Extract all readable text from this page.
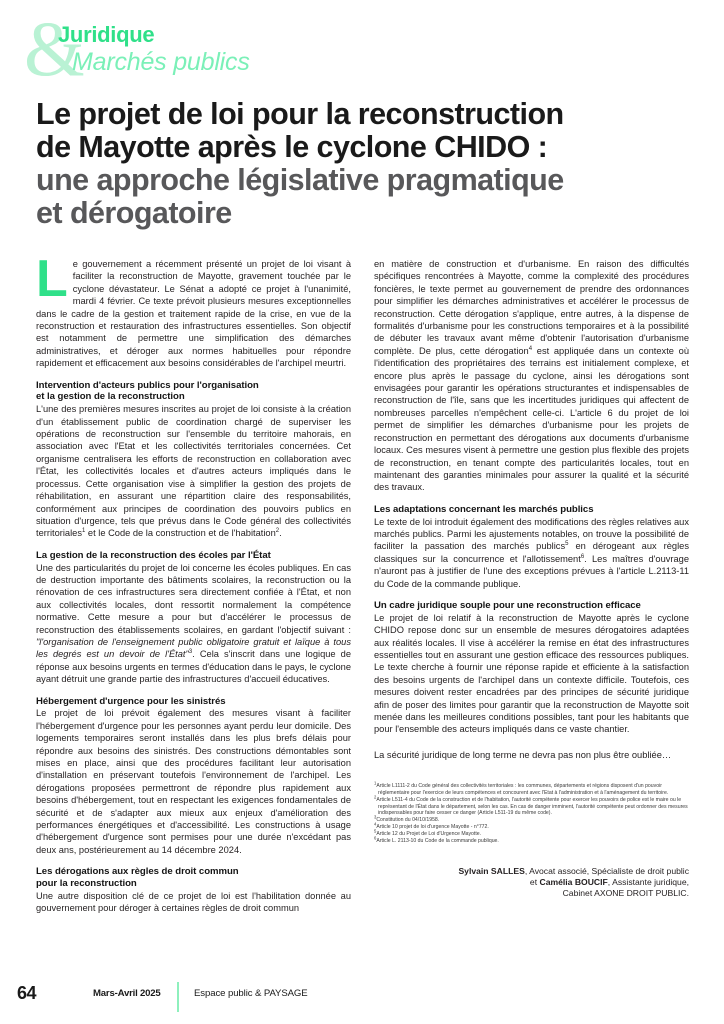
&
Juridique
Marchés publics
Le projet de loi pour la reconstruction
de Mayotte après le cyclone CHIDO :
une approche législative pragmatique
et dérogatoire

Le gouvernement a récemment présenté un projet de loi visant à faciliter la reconstruction de Mayotte, gravement touchée par le cyclone dévastateur. Le Sénat a adopté ce projet à l'unanimité, mardi 4 février. Ce texte prévoit plusieurs mesures exceptionnelles dans le cadre de la gestion et traitement rapide de la crise, en vue de la reconstruction et restauration des infrastructures essentielles. Son objectif est notamment de permettre une simplification des démarches administratives, et déroger aux normes habituelles pour répondre rapidement et efficacement aux besoins considérables de l'archipel meurtri.

Intervention d'acteurs publics pour l'organisation
et la gestion de la reconstruction

L'une des premières mesures inscrites au projet de loi consiste à la création d'un établissement public de coordination chargé de superviser les opérations de reconstruction sur l'ensemble du territoire mahorais, en association avec l'Etat et les collectivités territoriales concernées. Cet organisme centralisera les efforts de reconstruction en collaboration avec l'État, les collectivités locales et d'autres acteurs impliqués dans le processus. Cette organisation vise à simplifier la gestion des projets de réhabilitation, en assurant une répartition claire des responsabilités, conformément aux principes de coordination des pouvoirs publics en situation d'urgence, tels que prévus dans le Code général des collectivités territoriales$^1$ et le Code de la construction et de l'habitation$^2$.

La gestion de la reconstruction des écoles par l'État

Une des particularités du projet de loi concerne les écoles publiques. En cas de destruction importante des bâtiments scolaires, la reconstruction ou la rénovation de ces infrastructures sera directement confiée à l'État, et non aux collectivités locales, dont ressortit normalement la compétence normative. Cette mesure a pour but d'accélérer le processus de reconstruction des établissements scolaires, en gardant l'objectif suivant : "l'organisation de l'enseignement public obligatoire gratuit et laïque à tous les degrés est un devoir de l'État"$^3$. Cela s'inscrit dans une logique de réponse aux besoins urgents en termes d'éducation dans le pays, le cyclone ayant détruit une grande partie des infrastructures d'accueil éducatives.

Hébergement d'urgence pour les sinistrés

Le projet de loi prévoit également des mesures visant à faciliter l'hébergement d'urgence pour les personnes ayant perdu leur domicile. Des logements temporaires seront installés dans les plus brefs délais pour répondre aux besoins des sinistrés. Des constructions démontables sont mises en place, ainsi que des procédures facilitant leur autorisation d'installation en préservant toutefois l'environnement de l'archipel. Les dérogations proposées permettront de répondre plus rapidement aux besoins d'hébergement, tout en respectant les exigences fondamentales de sécurité et de s'adapter aux mieux aux enjeux d'amélioration des performances énergétiques et d'accessibilité. Les constructions à usage d'hébergement d'urgence sont permises pour une durée n'excédant pas deux ans, postérieurement au 14 décembre 2024.

Les dérogations aux règles de droit commun
pour la reconstruction

Une autre disposition clé de ce projet de loi est l'habilitation donnée au gouvernement pour déroger à certaines règles de droit commun

en matière de construction et d'urbanisme. En raison des difficultés spécifiques rencontrées à Mayotte, comme la complexité des procédures foncières, le texte permet au gouvernement de prendre des ordonnances pour simplifier les démarches administratives et accélérer le processus de reconstruction. Cette dérogation s'applique, entre autres, à la dispense de formalités d'urbanisme pour les constructions temporaires et à la possibilité de débuter les travaux avant même d'obtenir l'autorisation d'urbanisme complète. De plus, cette dérogation$^4$ est appliquée dans un contexte où l'identification des propriétaires des terrains est initialement complexe, et encore plus après le passage du cyclone, ainsi les dérogations sont envisagées pour garantir les opérations structurantes et indispensables de reconstruction de l'île, sans que les incertitudes juridiques qui affectent de nombreuses parcelles n'empêchent celle-ci. L'article 6 du projet de loi permet de simplifier les démarches d'urbanisme pour les projets de reconstruction en permettant des dérogations aux documents d'urbanisme locaux. Ces mesures visent à permettre une gestion plus flexible des projets de reconstruction, en tenant compte des particularités locales, tout en maintenant des garanties minimales pour assurer la qualité et la sécurité des travaux.

Les adaptations concernant les marchés publics

Le texte de loi introduit également des modifications des règles relatives aux marchés publics. Parmi les ajustements notables, on trouve la possibilité de faciliter la passation des marchés publics$^5$ en dérogeant aux règles classiques sur la concurrence et l'allotissement$^6$. Les maîtres d'ouvrage n'auront pas à justifier de l'une des exceptions prévues à l'article L.2113-11 du Code de la commande publique.

Un cadre juridique souple pour une reconstruction efficace

Le projet de loi relatif à la reconstruction de Mayotte après le cyclone CHIDO repose donc sur un ensemble de mesures dérogatoires adaptées aux réalités locales. Il vise à accélérer la remise en état des infrastructures essentielles tout en assurant une gestion efficace des ressources publiques. Le texte cherche à fournir une réponse rapide et efficiente à la satisfaction des besoins urgents de l'archipel dans un contexte difficile. Toutefois, ces mesures doivent rester encadrées par des principes de sécurité juridique afin de poser des limites pour garantir que la reconstruction de Mayotte soit menée dans les meilleures conditions possibles, tant pour les habitants que pour l'ensemble des acteurs impliqués dans ce vaste chantier.

La sécurité juridique de long terme ne devra pas non plus être oubliée…
$^1$Article L1111-2 du Code général des collectivités territoriales : les communes, départements et régions disposent d'un pouvoir réglementaire pour l'exercice de leurs compétences et concourent avec l'Etat à l'administration et à l'aménagement du territoire.
$^2$Article L511-4 du Code de la construction et de l'habitation, l'autorité compétente pour exercer les pouvoirs de police est le maire ou le représentant de l'État dans le département, selon les cas. En cas de danger imminent, l'autorité compétente peut ordonner des mesures indispensables pour faire cesser ce danger (Article L511-19 du même code).
$^3$Constitution du 04/10/1958.
$^4$Article 10 projet de loi d'urgence Mayotte - n°772.
$^5$Article 12 du Projet de Loi d'Urgence Mayotte.
$^6$Article L. 2113-10 du Code de la commande publique.
Sylvain SALLES, Avocat associé, Spécialiste de droit public
et Camélia BOUCIF, Assistante juridique,
Cabinet AXONE DROIT PUBLIC.
64	Mars-Avril 2025	Espace public & PAYSAGE
